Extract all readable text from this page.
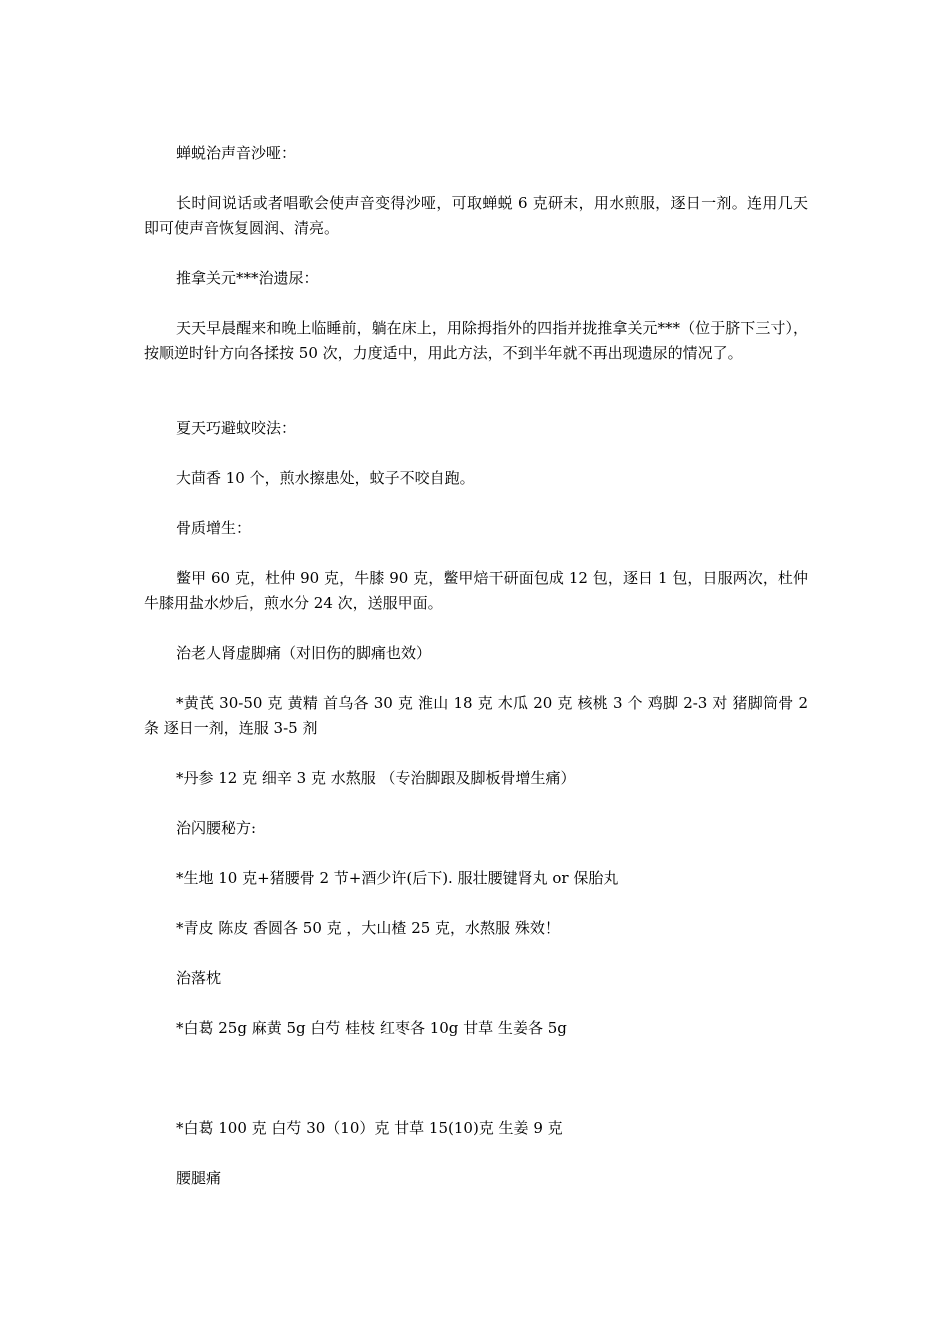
蝉蜕治声音沙哑：

长时间说话或者唱歌会使声音变得沙哑，可取蝉蜕 6 克研末，用水煎服，逐日一剂。连用几天即可使声音恢复圆润、清亮。

推拿关元***治遗尿：

天天早晨醒来和晚上临睡前，躺在床上，用除拇指外的四指并拢推拿关元***（位于脐下三寸），按顺逆时针方向各揉按 50 次，力度适中，用此方法，不到半年就不再出现遗尿的情况了。

夏天巧避蚊咬法：

大茴香 10 个，煎水擦患处，蚊子不咬自跑。

骨质增生：

鳖甲 60 克，杜仲 90 克，牛膝 90 克，鳖甲焙干研面包成 12 包，逐日 1 包，日服两次，杜仲牛膝用盐水炒后，煎水分 24 次，送服甲面。

治老人肾虚脚痛（对旧伤的脚痛也效）

*黄芪 30-50 克 黄精 首乌各 30 克 淮山 18 克 木瓜 20 克 核桃 3 个 鸡脚 2-3 对 猪脚筒骨 2 条 逐日一剂，连服 3-5 剂

*丹参 12 克 细辛 3 克 水熬服 （专治脚跟及脚板骨增生痛）

治闪腰秘方:

*生地 10 克+猪腰骨 2 节+酒少许(后下). 服壮腰键肾丸 or 保胎丸

*青皮 陈皮 香圆各 50 克 ，大山楂 25 克，水熬服 殊效！

治落枕

*白葛 25g 麻黄 5g 白芍 桂枝 红枣各 10g 甘草 生姜各 5g

*白葛 100 克 白芍 30（10）克 甘草 15(10)克 生姜 9 克

腰腿痛
